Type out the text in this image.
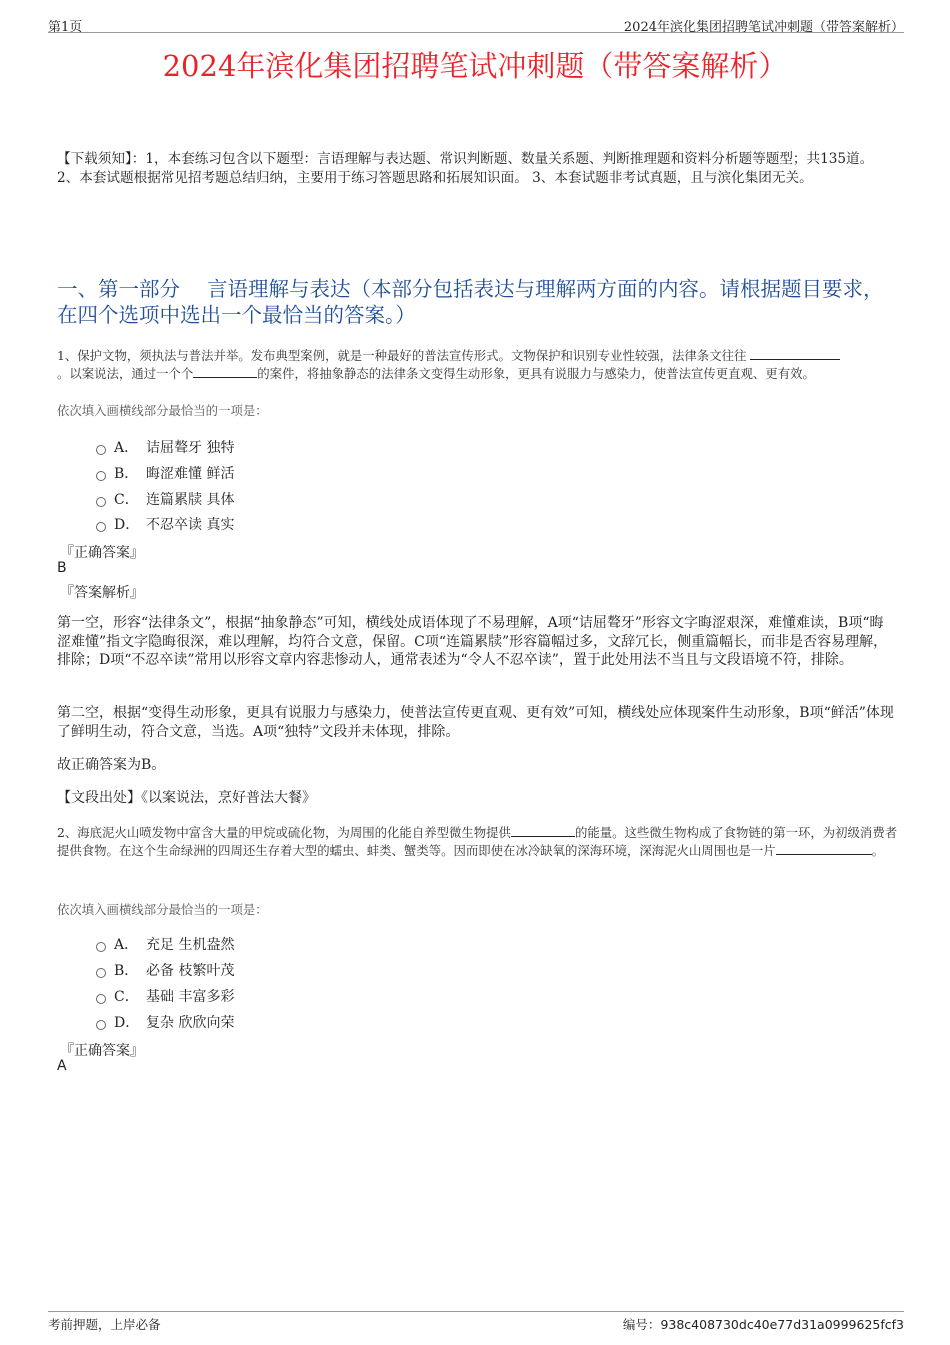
第1页	2024年滨化集团招聘笔试冲刺题（带答案解析）
2024年滨化集团招聘笔试冲刺题（带答案解析）
【下载须知】：1，本套练习包含以下题型：言语理解与表达题、常识判断题、数量关系题、判断推理题和资料分析题等题型；共135道。 2、本套试题根据常见招考题总结归纳，主要用于练习答题思路和拓展知识面。 3、本套试题非考试真题，且与滨化集团无关。
一、第一部分　 言语理解与表达（本部分包括表达与理解两方面的内容。请根据题目要求，在四个选项中选出一个最恰当的答案。）
1、保护文物，须执法与普法并举。发布典型案例，就是一种最好的普法宣传形式。文物保护和识别专业性较强，法律条文往往
。以案说法，通过一个个	的案件，将抽象静态的法律条文变得生动形象，更具有说服力与感染力，使普法宣传更直观、更有效。
依次填入画横线部分最恰当的一项是：
A． 诘屈聱牙 独特
B． 晦涩难懂 鲜活
C． 连篇累牍 具体
D． 不忍卒读 真实
『正确答案』
B
『答案解析』
第一空，形容“法律条文”，根据“抽象静态”可知，横线处成语体现了不易理解，A项“诘屈聱牙”形容文字晦涩艰深，难懂难读，B项“晦涩难懂”指文字隐晦很深，难以理解，均符合文意，保留。C项“连篇累牍”形容篇幅过多，文辞冗长，侧重篇幅长，而非是否容易理解，排除；D项“不忍卒读”常用以形容文章内容悲惨动人，通常表述为“令人不忍卒读”，置于此处用法不当且与文段语境不符，排除。
第二空，根据“变得生动形象，更具有说服力与感染力，使普法宣传更直观、更有效”可知，横线处应体现案件生动形象，B项“鲜活”体现了鲜明生动，符合文意，当选。A项“独特”文段并未体现，排除。
故正确答案为B。
【文段出处】《以案说法，烹好普法大餐》
2、海底泥火山喷发物中富含大量的甲烷或硫化物，为周围的化能自养型微生物提供	的能量。这些微生物构成了食物链的第一环，为初级消费者提供食物。在这个生命绿洲的四周还生存着大型的蠕虫、蚌类、蟹类等。因而即使在冰冷缺氧的深海环境，深海泥火山周围也是一片	。
依次填入画横线部分最恰当的一项是：
A． 充足 生机盎然
B． 必备 枝繁叶茂
C． 基础 丰富多彩
D． 复杂 欣欣向荣
『正确答案』
A
考前押题，上岸必备	编号：938c408730dc40e77d31a0999625fcf3
